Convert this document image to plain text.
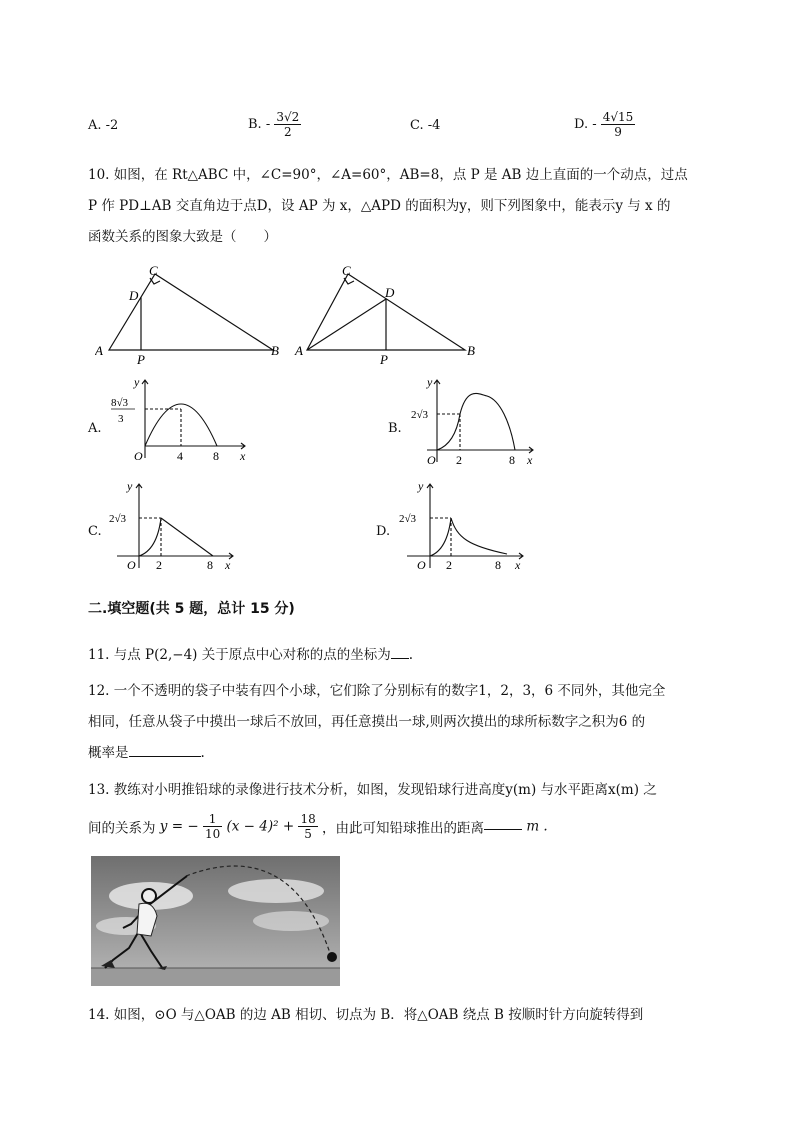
A. -2	B. - $\frac{3√2}{2}$	C. -4	D. - $\frac{4√15}{9}$
10. 如图，在 Rt△ABC 中，∠C=90°，∠A=60°，AB=8，点 P 是 AB 边上直面的一个动点，过点
P 作 PD⊥AB 交直角边于点D，设 AP 为 x，△APD 的面积为y，则下列图象中，能表示y 与 x 的
函数关系的图象大致是（　　）
A
C
D
P
B A
C
D
P
B
A.
y
x
O
8√3
3
4	8
B.
y
x
O
2√3
2	8
C.
y
x
O
2√3
2	8
D.
y
x
O
2√3
2	8
二.填空题(共 5 题，总计 15 分)
11. 与点 P(2,−4) 关于原点中心对称的点的坐标为 .
12. 一个不透明的袋子中装有四个小球，它们除了分别标有的数字1，2，3，6 不同外，其他完全
相同，任意从袋子中摸出一球后不放回，再任意摸出一球,则两次摸出的球所标数字之积为6 的
概率是	.
13. 教练对小明推铅球的录像进行技术分析，如图，发现铅球行进高度y(m) 与水平距离x(m) 之
间的关系为 y = − $\frac{1}{10} (x - 4)^2 + \frac{18}{5}$ ，由此可知铅球推出的距离	m .
14. 如图，⊙O 与△OAB 的边 AB 相切、切点为 B．将△OAB 绕点 B 按顺时针方向旋转得到
